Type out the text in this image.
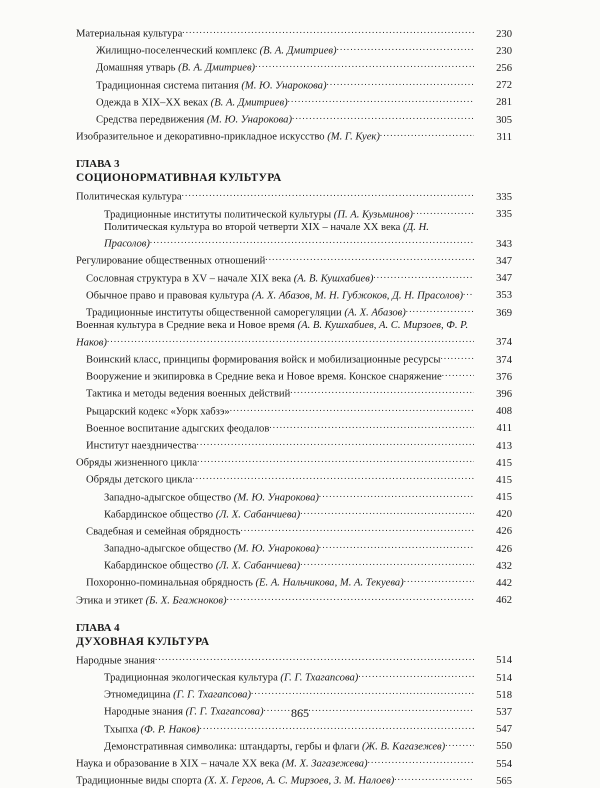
Материальная культура .....	230
Жилищно-поселенческий комплекс (В. А. Дмитриев) .....	230
Домашняя утварь (В. А. Дмитриев) .....	256
Традиционная система питания (М. Ю. Унарокова) .....	272
Одежда в XIX–XX веках (В. А. Дмитриев) .....	281
Средства передвижения (М. Ю. Унарокова) .....	305
Изобразительное и декоративно-прикладное искусство (М. Г. Куек) .....	311
ГЛАВА 3
СОЦИОНОРМАТИВНАЯ КУЛЬТУРА
Политическая культура .....	335
Традиционные институты политической культуры (П. А. Кузьминов) .....	335
Политическая культура во второй четверти XIX – начале XX века (Д. Н. Прасолов) .....	343
Регулирование общественных отношений .....	347
Сословная структура в XV – начале XIX века (А. В. Кушхабиев) .....	347
Обычное право и правовая культура (А. Х. Абазов, М. Н. Губжоков, Д. Н. Прасолов) .....	353
Традиционные институты общественной саморегуляции (А. Х. Абазов) .....	369
Военная культура в Средние века и Новое время (А. В. Кушхабиев, А. С. Мирзоев, Ф. Р. Наков) .....	374
Воинский класс, принципы формирования войск и мобилизационные ресурсы .....	374
Вооружение и экипировка в Средние века и Новое время. Конское снаряжение .....	376
Тактика и методы ведения военных действий .....	396
Рыцарский кодекс «Уорк хабзэ» .....	408
Военное воспитание адыгских феодалов .....	411
Институт наездничества .....	413
Обряды жизненного цикла .....	415
Обряды детского цикла .....	415
Западно-адыгское общество (М. Ю. Унарокова) .....	415
Кабардинское общество (Л. Х. Сабанчиева) .....	420
Свадебная и семейная обрядность .....	426
Западно-адыгское общество (М. Ю. Унарокова) .....	426
Кабардинское общество (Л. Х. Сабанчиева) .....	432
Похоронно-поминальная обрядность (Е. А. Нальчикова, М. А. Текуева) .....	442
Этика и этикет (Б. Х. Бгажноков) .....	462
ГЛАВА 4
ДУХОВНАЯ КУЛЬТУРА
Народные знания .....	514
Традиционная экологическая культура (Г. Г. Тхагапсова) .....	514
Этномедицина (Г. Г. Тхагапсова) .....	518
Народные знания (Г. Г. Тхагапсова) .....	537
Тхыпха (Ф. Р. Наков) .....	547
Демонстративная символика: штандарты, гербы и флаги (Ж. В. Кагазежев) .....	550
Наука и образование в XIX – начале XX века (М. Х. Загазежева) .....	554
Традиционные виды спорта (Х. Х. Гергов, А. С. Мирзоев, З. М. Налоев) .....	565
865
